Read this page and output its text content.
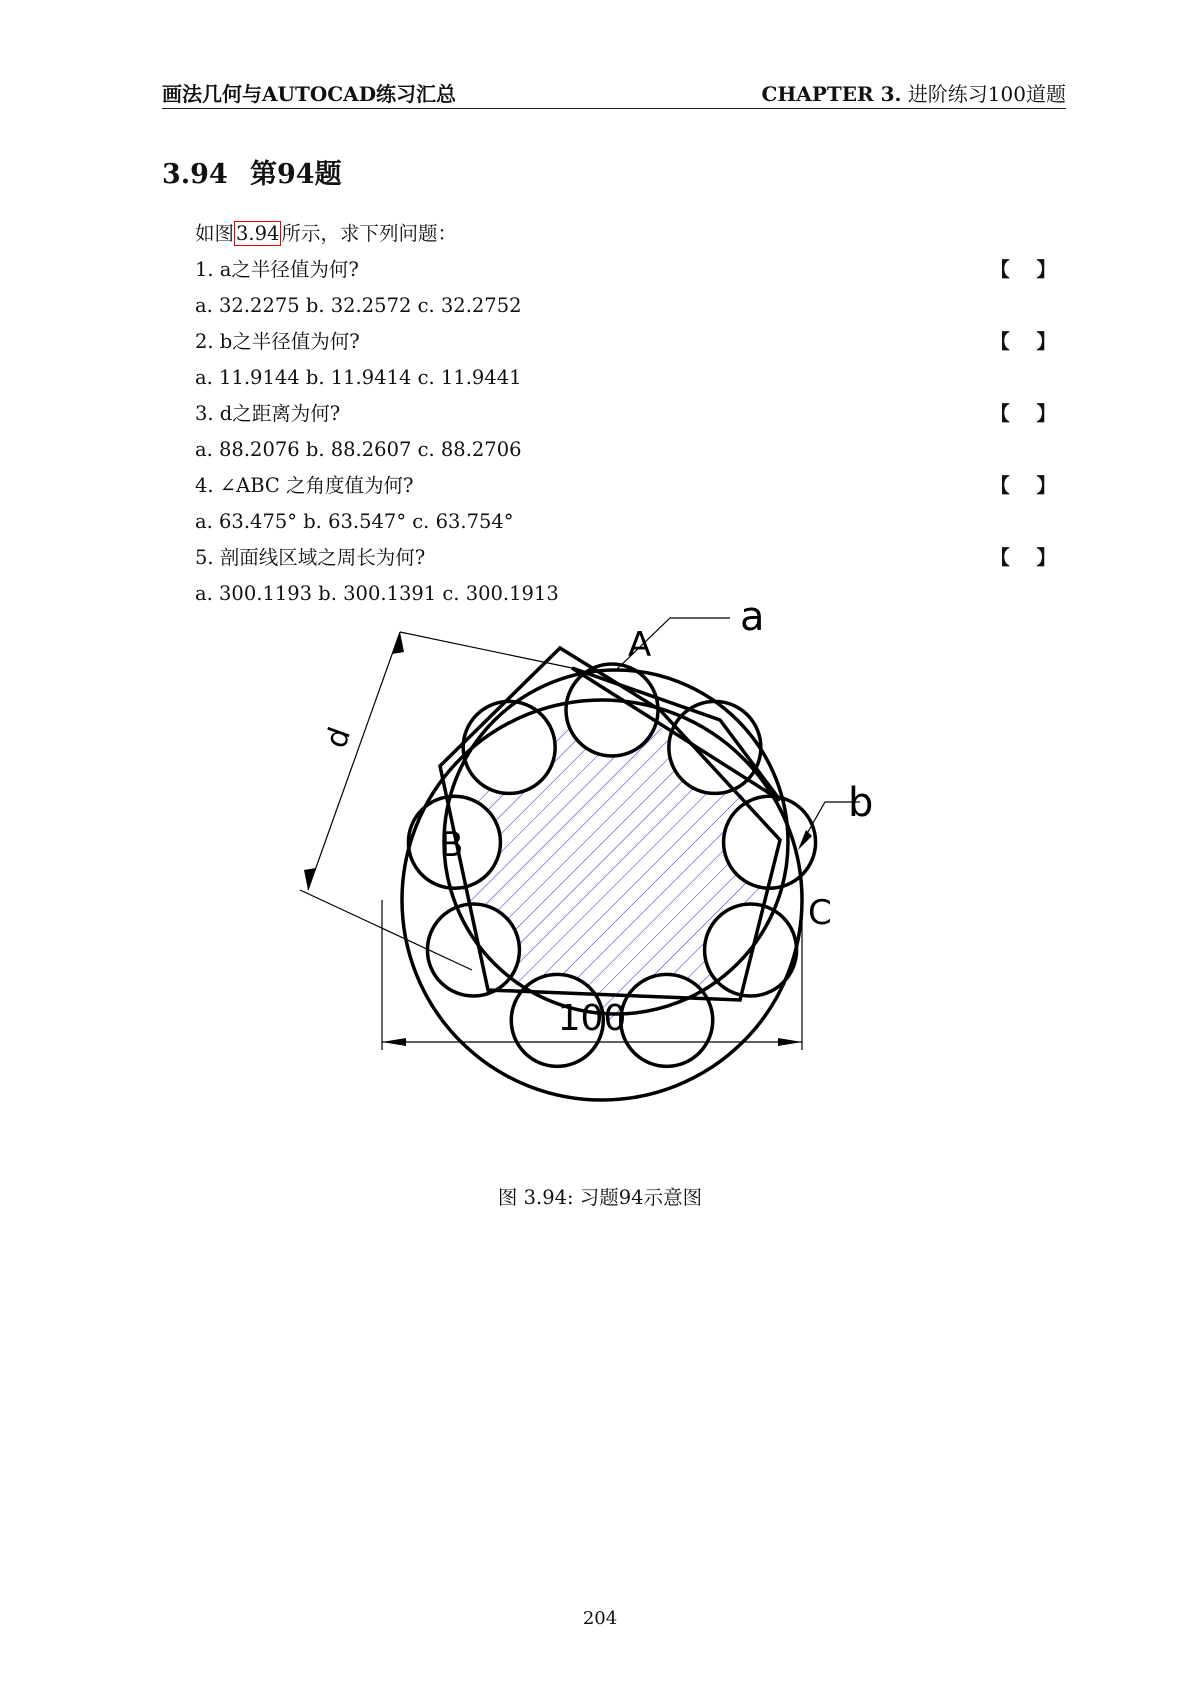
画法几何与AUTOCAD练习汇总	CHAPTER 3. 进阶练习100道题
3.94 第94题
如图 3.94 所示，求下列问题：
1. a之半径值为何?	【 】
a. 32.2275 b. 32.2572 c. 32.2752
2. b之半径值为何?	【 】
a. 11.9144 b. 11.9414 c. 11.9441
3. d之距离为何?	【 】
a. 88.2076 b. 88.2607 c. 88.2706
4. ∠ABC 之角度值为何?	【 】
a. 63.475° b. 63.547° c. 63.754°
5. 剖面线区域之周长为何?	【 】
a. 300.1193 b. 300.1391 c. 300.1913
d
100
a
b
A
B
C
图 3.94: 习题94示意图
204
